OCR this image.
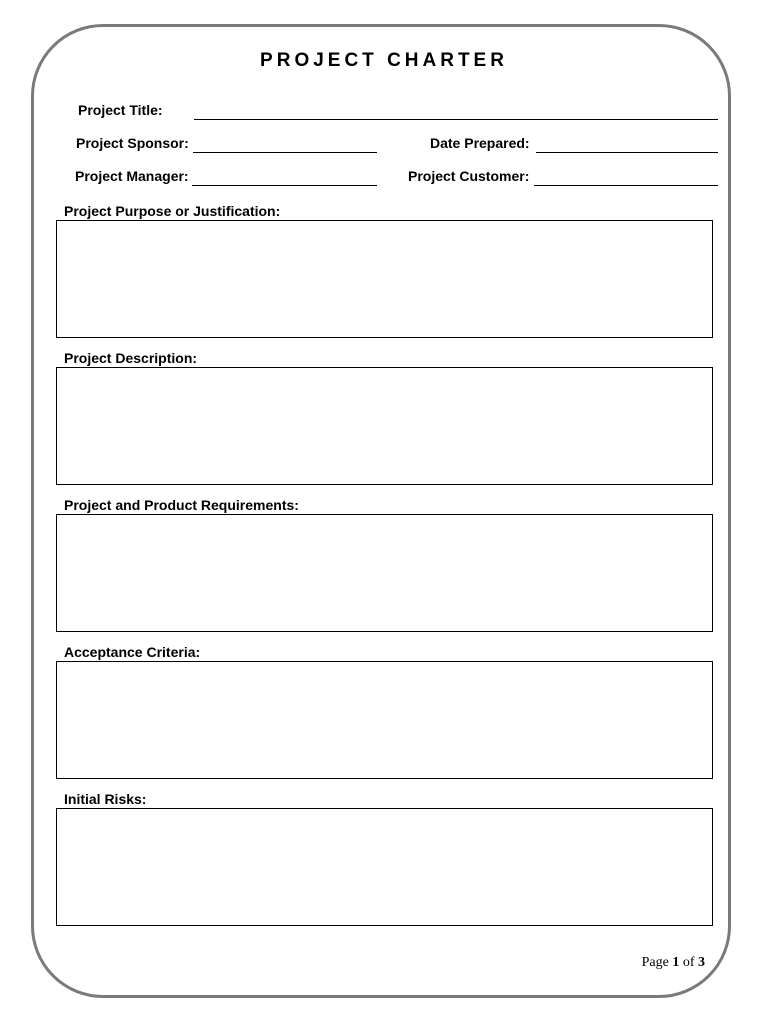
PROJECT CHARTER
Project Title:
Project Sponsor:	Date Prepared:
Project Manager:	Project Customer:
Project Purpose or Justification:
Project Description:
Project and Product Requirements:
Acceptance Criteria:
Initial Risks:
Page 1 of 3
